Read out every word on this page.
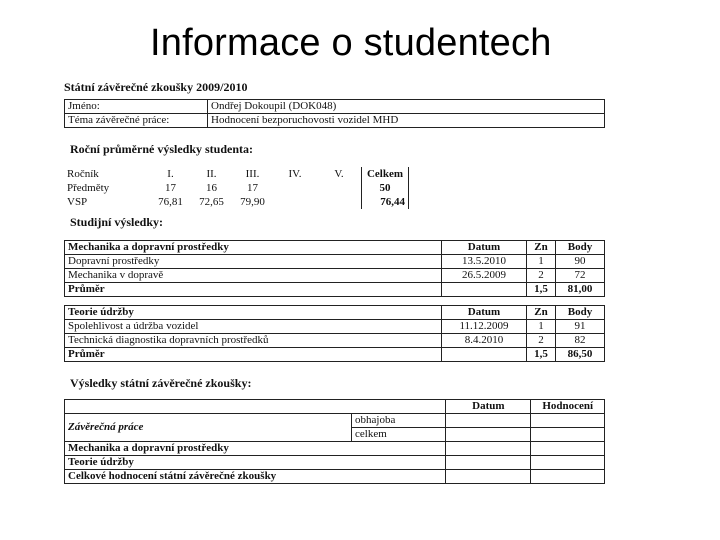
Informace o studentech
Státní závěrečné zkoušky 2009/2010
Jméno:	Ondřej Dokoupil (DOK048)
Téma závěrečné práce:	Hodnocení bezporuchovosti vozidel MHD
Roční průměrné výsledky studenta:
Ročník	I.	II.	III.	IV.	V.	Celkem
Předměty	17	16	17			50
VSP	76,81	72,65	79,90			76,44
Studijní výsledky:
Mechanika a dopravní prostředky	Datum	Zn	Body
Dopravní prostředky	13.5.2010	1	90
Mechanika v dopravě	26.5.2009	2	72
Průměr		1,5	81,00
Teorie údržby	Datum	Zn	Body
Spolehlivost a údržba vozidel	11.12.2009	1	91
Technická diagnostika dopravních prostředků	8.4.2010	2	82
Průměr		1,5	86,50
Výsledky státní závěrečné zkoušky:
		Datum	Hodnocení
Závěrečná práce	obhajoba		
	celkem		
Mechanika a dopravní prostředky			
Teorie údržby			
Celkové hodnocení státní závěrečné zkoušky			
